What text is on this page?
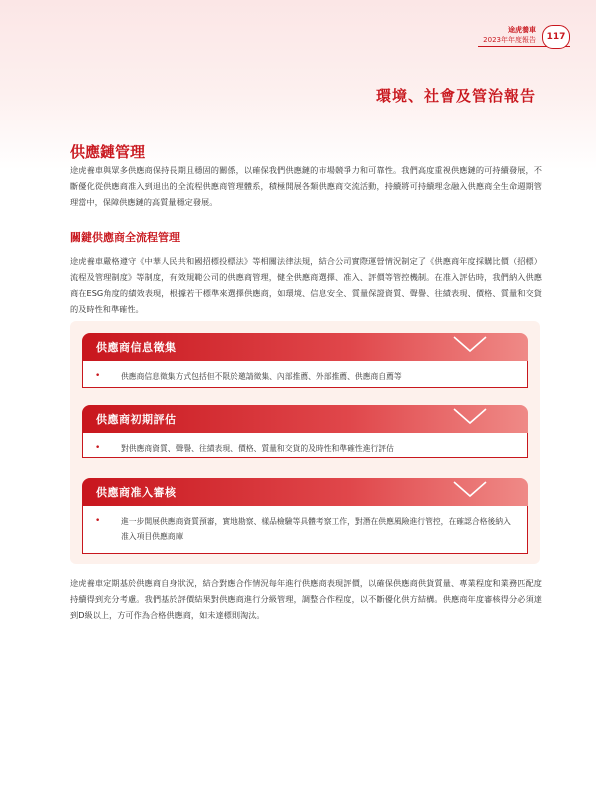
途虎養車
2023年年度報告	117
環境、社會及管治報告
供應鏈管理
途虎養車與眾多供應商保持長期且穩固的關係，以確保我們供應鏈的市場競爭力和可靠性。我們高度重視供應鏈的可持續發展，不斷優化從供應商准入到退出的全流程供應商管理體系，積極開展各類供應商交流活動，持續將可持續理念融入供應商全生命週期管理當中，保障供應鏈的高質量穩定發展。
關鍵供應商全流程管理
途虎養車嚴格遵守《中華人民共和國招標投標法》等相關法律法規，結合公司實際運營情況制定了《供應商年度採購比價（招標）流程及管理制度》等制度，有效規範公司的供應商管理，健全供應商選擇、准入、評價等管控機制。在准入評估時，我們納入供應商在ESG角度的績效表現，根據若干標準來選擇供應商，如環境、信息安全、質量保證資質、聲譽、往績表現、價格、質量和交貨的及時性和準確性。
供應商信息徵集
•	供應商信息徵集方式包括但不限於邀請徵集、內部推薦、外部推薦、供應商自薦等
供應商初期評估
•	對供應商資質、聲譽、往績表現、價格、質量和交貨的及時性和準確性進行評估
供應商准入審核
•	進一步開展供應商資質預審，實地勘察、樣品檢驗等具體考察工作，對潛在供應風險進行管控，在確認合格後納入准入項目供應商庫
途虎養車定期基於供應商自身狀況，結合對應合作情況每年進行供應商表現評價，以確保供應商供貨質量、專業程度和業務匹配度持續得到充分考慮。我們基於評價結果對供應商進行分級管理，調整合作程度，以不斷優化供方結構。供應商年度審核得分必須達到D級以上，方可作為合格供應商，如未達標則淘汰。
